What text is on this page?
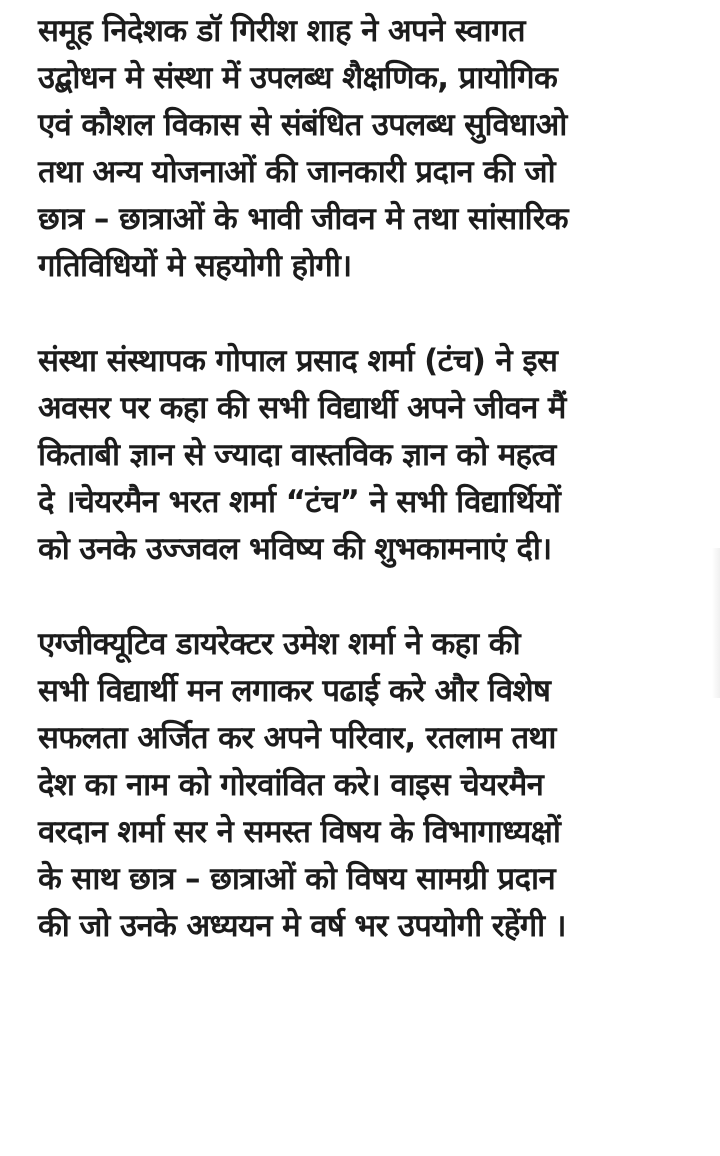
समूह निदेशक डॉ गिरीश शाह ने अपने स्वागत
उद्बोधन मे संस्था में उपलब्ध शैक्षणिक, प्रायोगिक
एवं कौशल विकास से संबंधित उपलब्ध सुविधाओ
तथा अन्य योजनाओं की जानकारी प्रदान की जो
छात्र – छात्राओं के भावी जीवन मे तथा सांसारिक
गतिविधियों मे सहयोगी होगी।
संस्था संस्थापक गोपाल प्रसाद शर्मा (टंच) ने इस
अवसर पर कहा की सभी विद्यार्थी अपने जीवन मैं
किताबी ज्ञान से ज्यादा वास्तविक ज्ञान को महत्व
दे ।चेयरमैन भरत शर्मा “टंच” ने सभी विद्यार्थियों
को उनके उज्जवल भविष्य की शुभकामनाएं दी।
एग्जीक्यूटिव डायरेक्टर उमेश शर्मा ने कहा की
सभी विद्यार्थी मन लगाकर पढाई करे और विशेष
सफलता अर्जित कर अपने परिवार, रतलाम तथा
देश का नाम को गोरवांवित करे। वाइस चेयरमैन
वरदान शर्मा सर ने समस्त विषय के विभागाध्यक्षों
के साथ छात्र – छात्राओं को विषय सामग्री प्रदान
की जो उनके अध्ययन मे वर्ष भर उपयोगी रहेंगी ।
